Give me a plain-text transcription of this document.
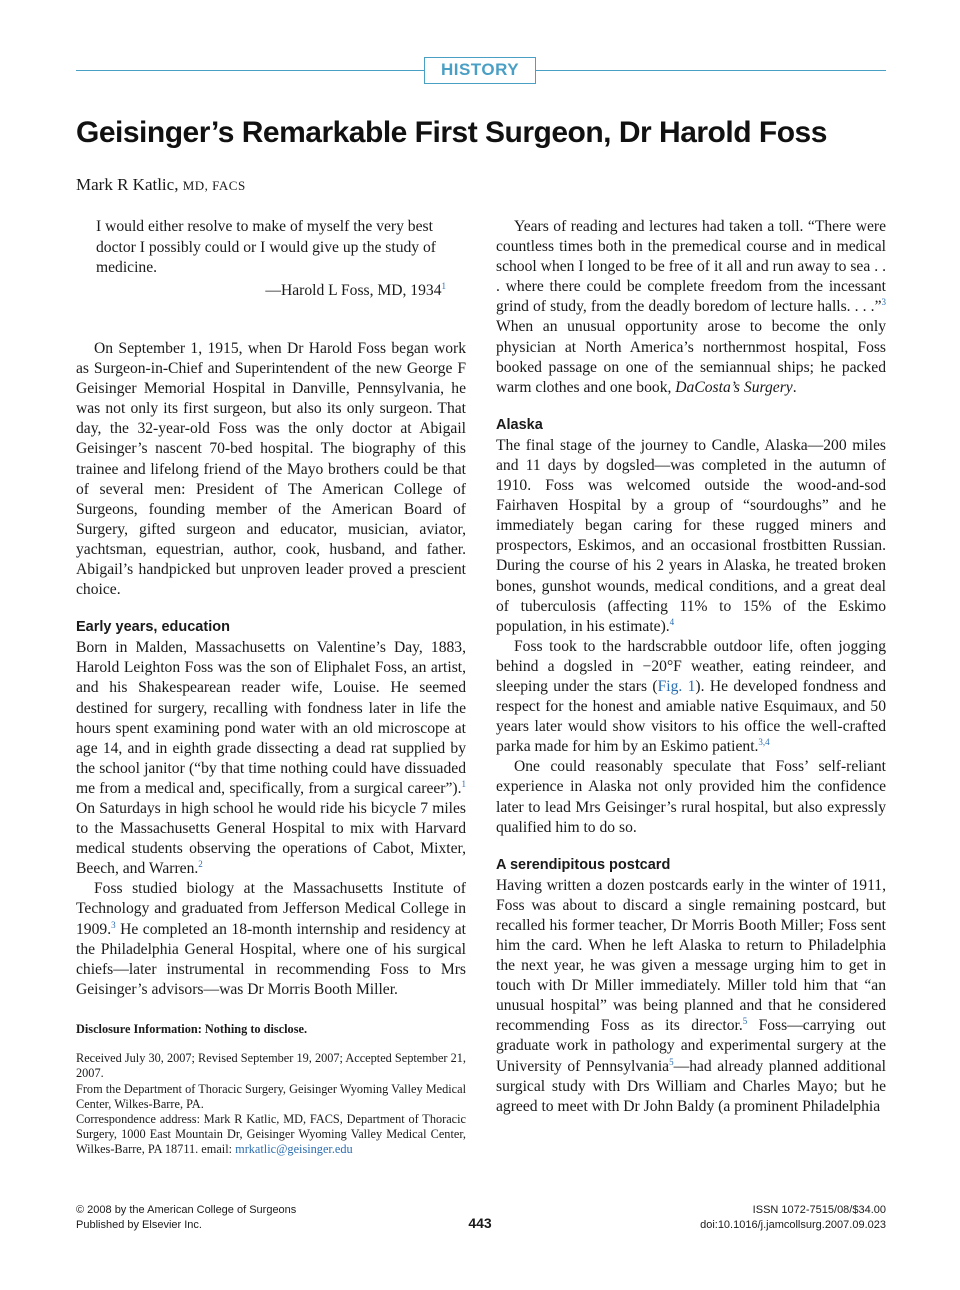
HISTORY
Geisinger’s Remarkable First Surgeon, Dr Harold Foss

Mark R Katlic, MD, FACS

I would either resolve to make of myself the very best doctor I possibly could or I would give up the study of medicine.
—Harold L Foss, MD, 1934$^1$

On September 1, 1915, when Dr Harold Foss began work as Surgeon-in-Chief and Superintendent of the new George F Geisinger Memorial Hospital in Danville, Pennsylvania, he was not only its first surgeon, but also its only surgeon. That day, the 32-year-old Foss was the only doctor at Abigail Geisinger’s nascent 70-bed hospital. The biography of this trainee and lifelong friend of the Mayo brothers could be that of several men: President of The American College of Surgeons, founding member of the American Board of Surgery, gifted surgeon and educator, musician, aviator, yachtsman, equestrian, author, cook, husband, and father. Abigail’s handpicked but unproven leader proved a prescient choice.

Early years, education

Born in Malden, Massachusetts on Valentine’s Day, 1883, Harold Leighton Foss was the son of Eliphalet Foss, an artist, and his Shakespearean reader wife, Louise. He seemed destined for surgery, recalling with fondness later in life the hours spent examining pond water with an old microscope at age 14, and in eighth grade dissecting a dead rat supplied by the school janitor (“by that time nothing could have dissuaded me from a medical and, specifically, from a surgical career”).$^1$ On Saturdays in high school he would ride his bicycle 7 miles to the Massachusetts General Hospital to mix with Harvard medical students observing the operations of Cabot, Mixter, Beech, and Warren.$^2$

Foss studied biology at the Massachusetts Institute of Technology and graduated from Jefferson Medical College in 1909.$^3$ He completed an 18-month internship and residency at the Philadelphia General Hospital, where one of his surgical chiefs—later instrumental in recommending Foss to Mrs Geisinger’s advisors—was Dr Morris Booth Miller.

Disclosure Information: Nothing to disclose.

Received July 30, 2007; Revised September 19, 2007; Accepted September 21, 2007.

From the Department of Thoracic Surgery, Geisinger Wyoming Valley Medical Center, Wilkes-Barre, PA.

Correspondence address: Mark R Katlic, MD, FACS, Department of Thoracic Surgery, 1000 East Mountain Dr, Geisinger Wyoming Valley Medical Center, Wilkes-Barre, PA 18711. email: mrkatlic@geisinger.edu

Years of reading and lectures had taken a toll. “There were countless times both in the premedical course and in medical school when I longed to be free of it all and run away to sea . . . where there could be complete freedom from the incessant grind of study, from the deadly boredom of lecture halls. . . .”$^3$ When an unusual opportunity arose to become the only physician at North America’s northernmost hospital, Foss booked passage on one of the semiannual ships; he packed warm clothes and one book, DaCosta’s Surgery.

Alaska

The final stage of the journey to Candle, Alaska—200 miles and 11 days by dogsled—was completed in the autumn of 1910. Foss was welcomed outside the wood-and-sod Fairhaven Hospital by a group of “sourdoughs” and he immediately began caring for these rugged miners and prospectors, Eskimos, and an occasional frostbitten Russian. During the course of his 2 years in Alaska, he treated broken bones, gunshot wounds, medical conditions, and a great deal of tuberculosis (affecting 11% to 15% of the Eskimo population, in his estimate).$^4$

Foss took to the hardscrabble outdoor life, often jogging behind a dogsled in −20°F weather, eating reindeer, and sleeping under the stars (Fig. 1). He developed fondness and respect for the honest and amiable native Esquimaux, and 50 years later would show visitors to his office the well-crafted parka made for him by an Eskimo patient.$^{3,4}$

One could reasonably speculate that Foss’ self-reliant experience in Alaska not only provided him the confidence later to lead Mrs Geisinger’s rural hospital, but also expressly qualified him to do so.

A serendipitous postcard

Having written a dozen postcards early in the winter of 1911, Foss was about to discard a single remaining postcard, but recalled his former teacher, Dr Morris Booth Miller; Foss sent him the card. When he left Alaska to return to Philadelphia the next year, he was given a message urging him to get in touch with Dr Miller immediately. Miller told him that “an unusual hospital” was being planned and that he considered recommending Foss as its director.$^5$ Foss—carrying out graduate work in pathology and experimental surgery at the University of Pennsylvania$^5$—had already planned additional surgical study with Drs William and Charles Mayo; but he agreed to meet with Dr John Baldy (a prominent Philadelphia

© 2008 by the American College of Surgeons
Published by Elsevier Inc.	443
ISSN 1072-7515/08/$34.00
doi:10.1016/j.jamcollsurg.2007.09.023
